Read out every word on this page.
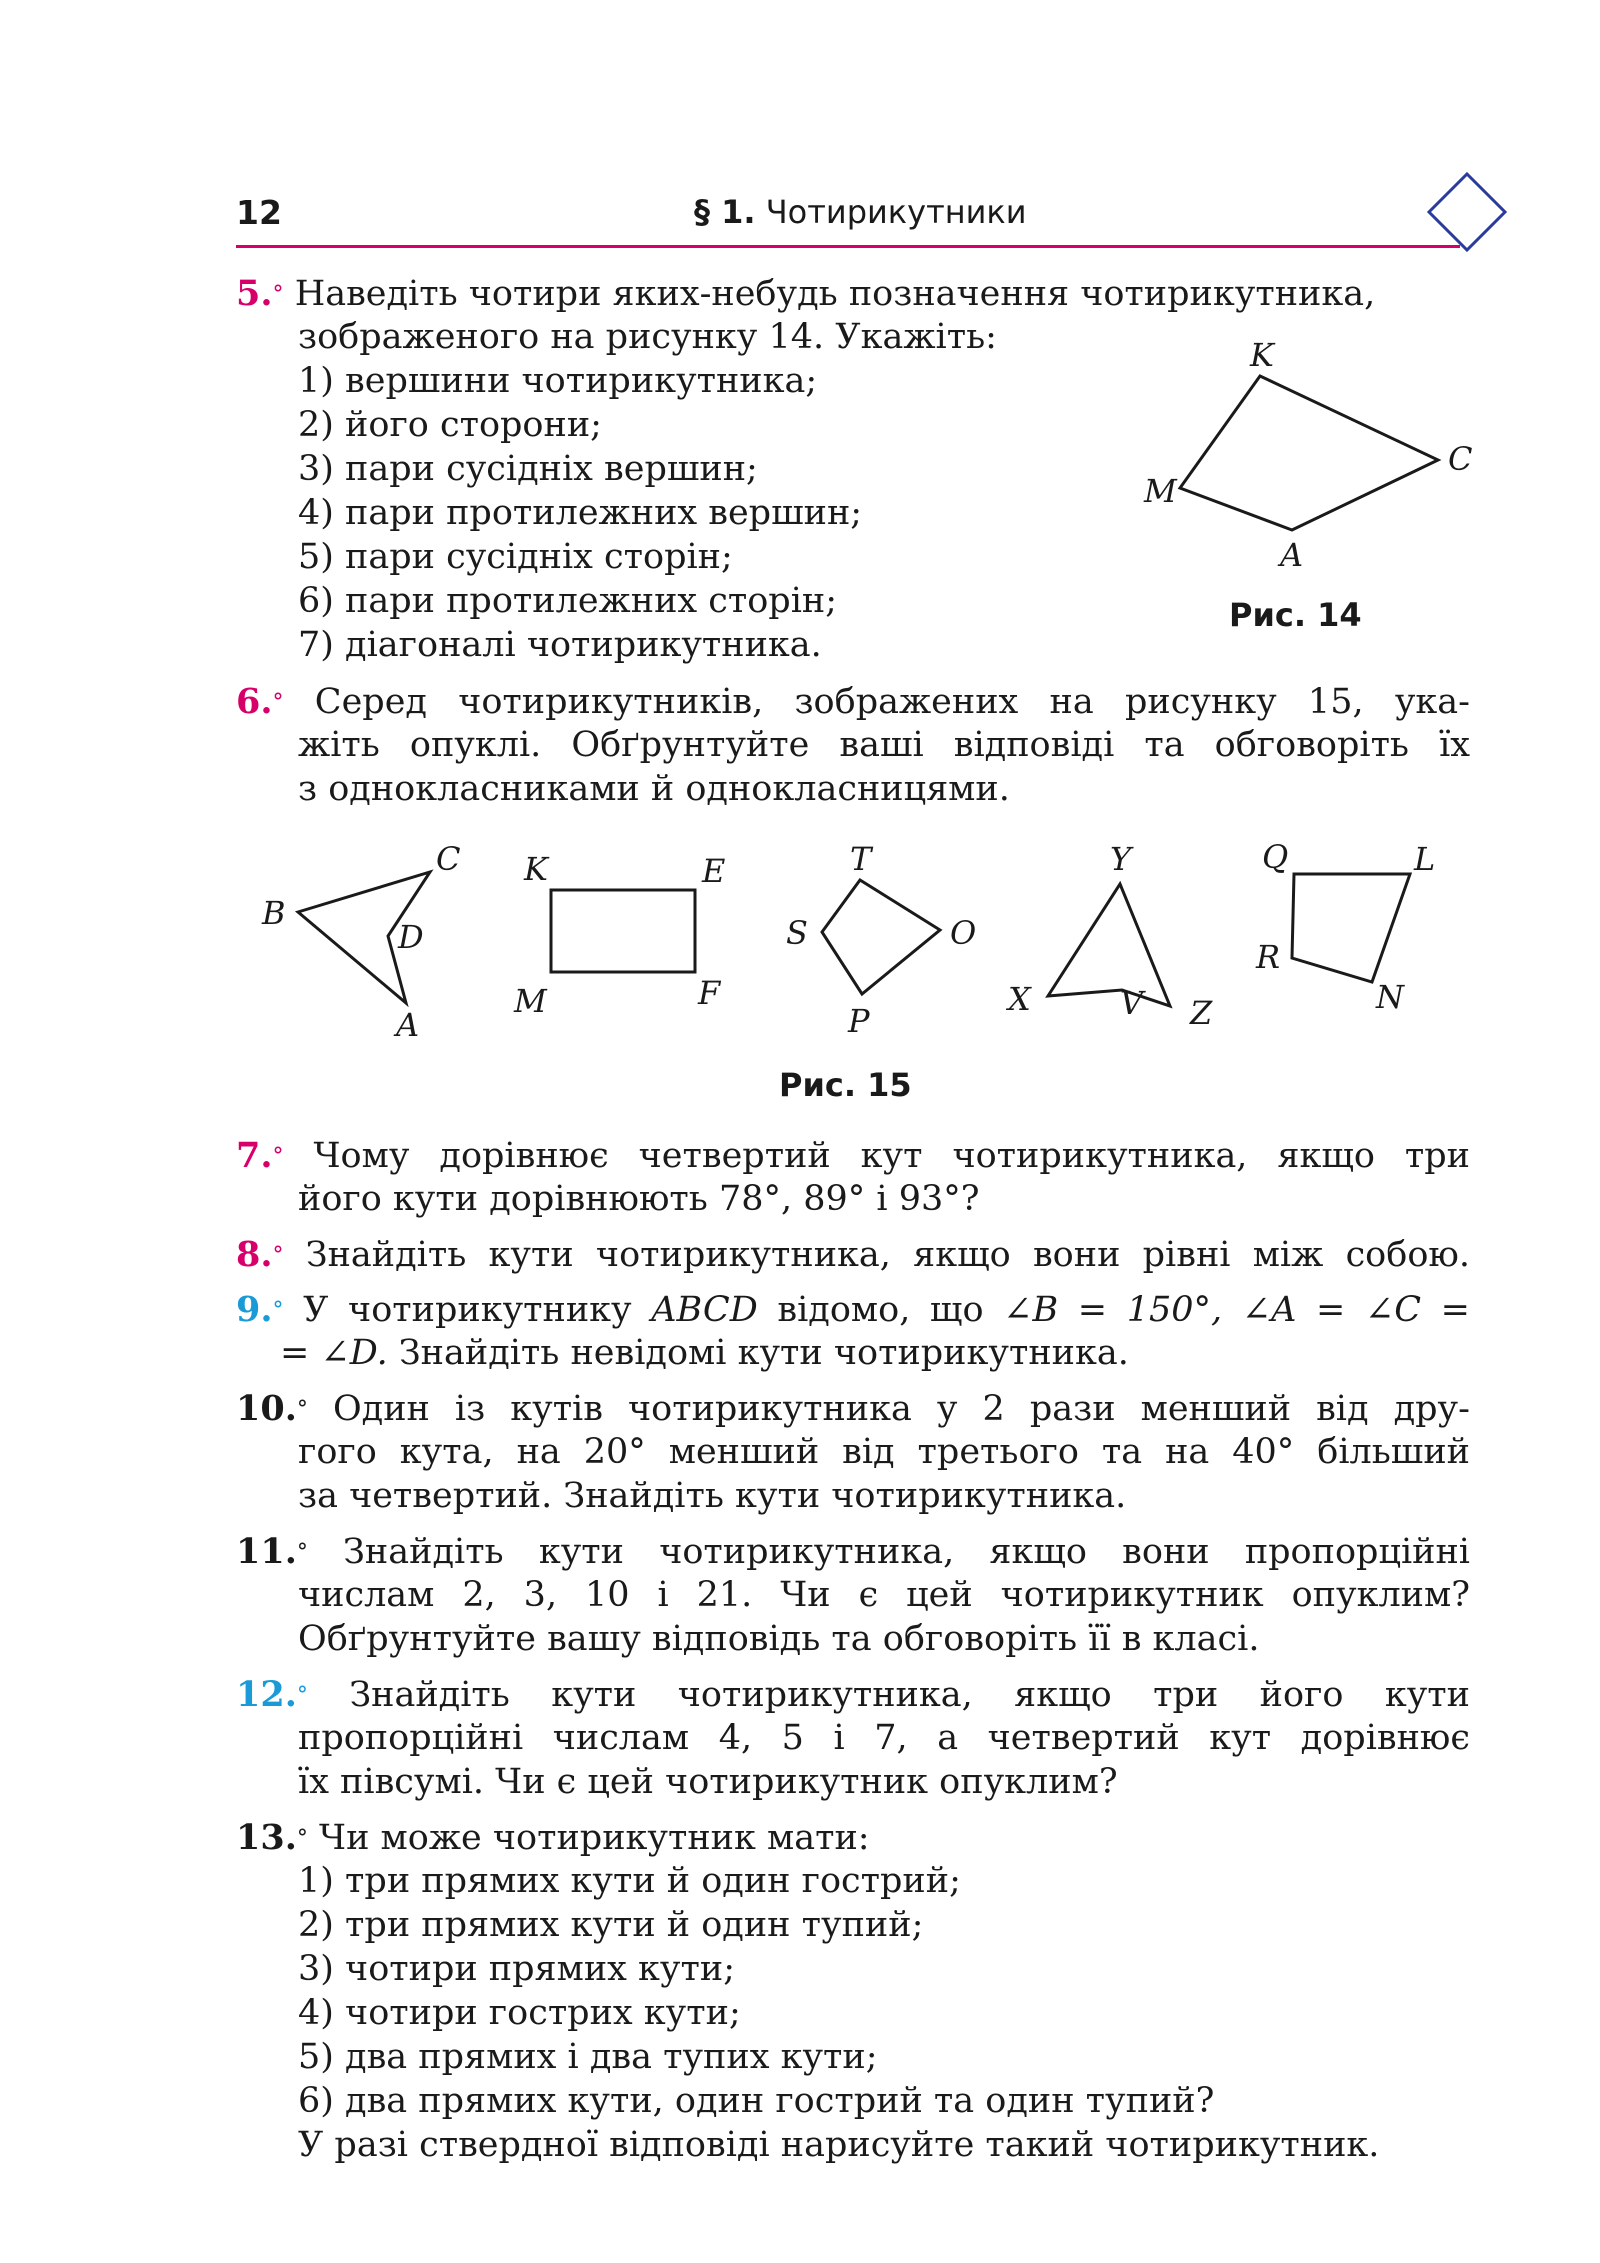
12	§ 1. Чотирикутники
5.° Наведіть чотири яких-небудь позначення чотирикутника,
зображеного на рисунку 14. Укажіть:
1) вершини чотирикутника;
2) його сторони;
3) пари сусідніх вершин;
4) пари протилежних вершин;
5) пари сусідніх сторін;
6) пари протилежних сторін;
7) діагоналі чотирикутника.
K
C
M
A
Рис. 14
6.° Серед чотирикутників, зображених на рисунку 15, ука-
жіть опуклі. Обґрунтуйте ваші відповіді та обговоріть їх
з однокласниками й однокласницями.
B
C
D
A
K	E
M	F
T
S	O
P
Y
X	V Z
Q	L
R
N
Рис. 15
7.° Чому дорівнює четвертий кут чотирикутника, якщо три
його кути дорівнюють 78°, 89° і 93°?
8.° Знайдіть кути чотирикутника, якщо вони рівні між собою.
9.° У чотирикутнику ABCD відомо, що ∠B = 150°, ∠A = ∠C =
= ∠D. Знайдіть невідомі кути чотирикутника.
10.° Один із кутів чотирикутника у 2 рази менший від дру-
гого кута, на 20° менший від третього та на 40° більший
за четвертий. Знайдіть кути чотирикутника.
11.° Знайдіть кути чотирикутника, якщо вони пропорційні
числам 2, 3, 10 і 21. Чи є цей чотирикутник опуклим?
Обґрунтуйте вашу відповідь та обговоріть її в класі.
12.° Знайдіть кути чотирикутника, якщо три його кути
пропорційні числам 4, 5 і 7, а четвертий кут дорівнює
їх півсумі. Чи є цей чотирикутник опуклим?
13.° Чи може чотирикутник мати:
1) три прямих кути й один гострий;
2) три прямих кути й один тупий;
3) чотири прямих кути;
4) чотири гострих кути;
5) два прямих і два тупих кути;
6) два прямих кути, один гострий та один тупий?
У разі ствердної відповіді нарисуйте такий чотирикутник.
